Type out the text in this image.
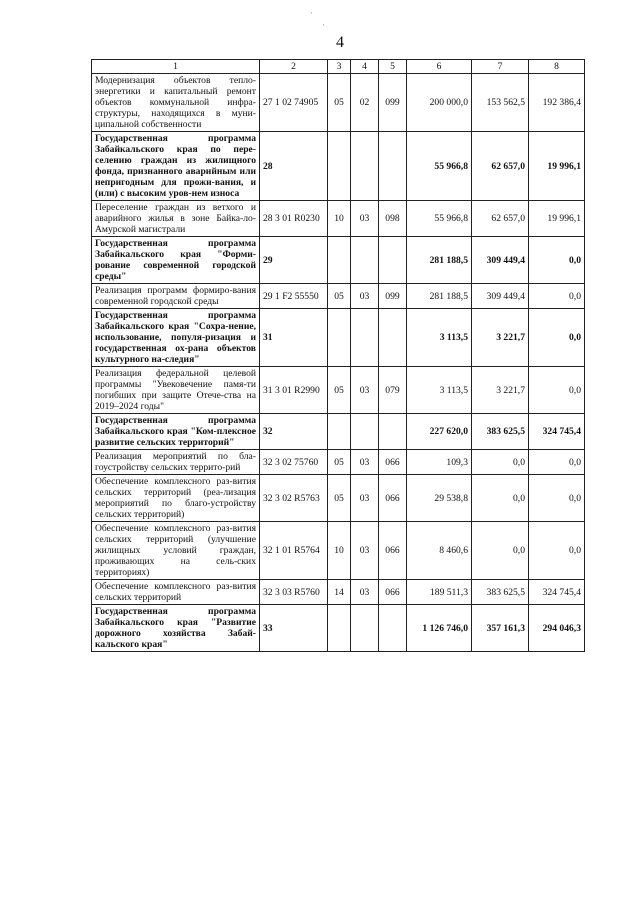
·
·
4
1	2	3	4	5	6	7	8
Модернизация объектов тепло-энергетики и капитальный ремонт объектов коммунальной инфра-структуры, находящихся в муни-ципальной собственности	27 1 02 74905	05	02	099	200 000,0	153 562,5	192 386,4
Государственная программа Забайкальского края по пере-селению граждан из жилищного фонда, признанного аварийным или непригодным для прожи-вания, и (или) с высоким уров-нем износа	28				55 966,8	62 657,0	19 996,1
Переселение граждан из ветхого и аварийного жилья в зоне Байка-ло-Амурской магистрали	28 3 01 R0230	10	03	098	55 966,8	62 657,0	19 996,1
Государственная программа Забайкальского края "Форми-рование современной городской среды"	29				281 188,5	309 449,4	0,0
Реализация программ формиро-вания современной городской среды	29 1 F2 55550	05	03	099	281 188,5	309 449,4	0,0
Государственная программа Забайкальского края "Сохра-нение, использование, популя-ризация и государственная ох-рана объектов культурного на-следия"	31				3 113,5	3 221,7	0,0
Реализация федеральной целевой программы "Увековечение памя-ти погибших при защите Отече-ства на 2019–2024 годы"	31 3 01 R2990	05	03	079	3 113,5	3 221,7	0,0
Государственная программа Забайкальского края "Ком-плексное развитие сельских территорий"	32				227 620,0	383 625,5	324 745,4
Реализация мероприятий по бла-гоустройству сельских террито-рий	32 3 02 75760	05	03	066	109,3	0,0	0,0
Обеспечение комплексного раз-вития сельских территорий (реа-лизация мероприятий по благо-устройству сельских территорий)	32 3 02 R5763	05	03	066	29 538,8	0,0	0,0
Обеспечение комплексного раз-вития сельских территорий (улучшение жилищных условий граждан, проживающих на сель-ских территориях)	32 1 01 R5764	10	03	066	8 460,6	0,0	0,0
Обеспечение комплексного раз-вития сельских территорий	32 3 03 R5760	14	03	066	189 511,3	383 625,5	324 745,4
Государственная программа Забайкальского края "Развитие дорожного хозяйства Забай-кальского края"	33				1 126 746,0	357 161,3	294 046,3
